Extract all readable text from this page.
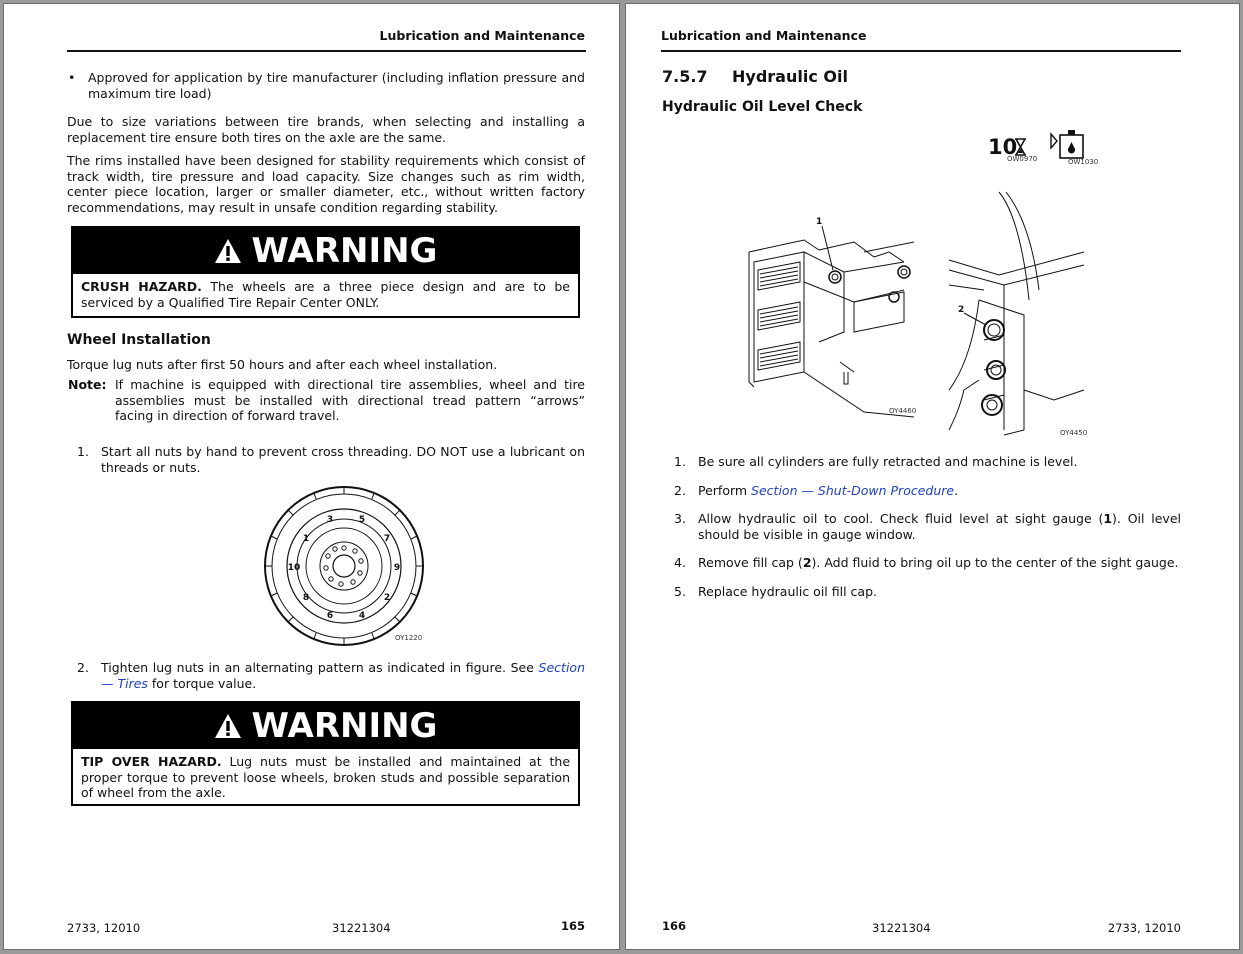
Lubrication and Maintenance
• Approved for application by tire manufacturer (including inflation pressure and maximum tire load)
Due to size variations between tire brands, when selecting and installing a replacement tire ensure both tires on the axle are the same.
The rims installed have been designed for stability requirements which consist of track width, tire pressure and load capacity. Size changes such as rim width, center piece location, larger or smaller diameter, etc., without written factory recommendations, may result in unsafe condition regarding stability.
WARNING
CRUSH HAZARD. The wheels are a three piece design and are to be serviced by a Qualified Tire Repair Center ONLY.
Wheel Installation
Torque lug nuts after first 50 hours and after each wheel installation.
Note: If machine is equipped with directional tire assemblies, wheel and tire assemblies must be installed with directional tread pattern “arrows” facing in direction of forward travel.
1. Start all nuts by hand to prevent cross threading. DO NOT use a lubricant on threads or nuts.
3	5
1	7
10	9
8	2
6	4
OY1220
2. Tighten lug nuts in an alternating pattern as indicated in figure. See Section — Tires for torque value.
WARNING
TIP OVER HAZARD. Lug nuts must be installed and maintained at the proper torque to prevent loose wheels, broken studs and possible separation of wheel from the axle.
2733, 12010	31221304	165
Lubrication and Maintenance
7.5.7 Hydraulic Oil
Hydraulic Oil Level Check
10
OW0970	OW1030
1
OY4460
2
OY4450
1. Be sure all cylinders are fully retracted and machine is level.
2. Perform Section — Shut-Down Procedure.
3. Allow hydraulic oil to cool. Check fluid level at sight gauge (1). Oil level should be visible in gauge window.
4. Remove fill cap (2). Add fluid to bring oil up to the center of the sight gauge.
5. Replace hydraulic oil fill cap.
166	31221304	2733, 12010
